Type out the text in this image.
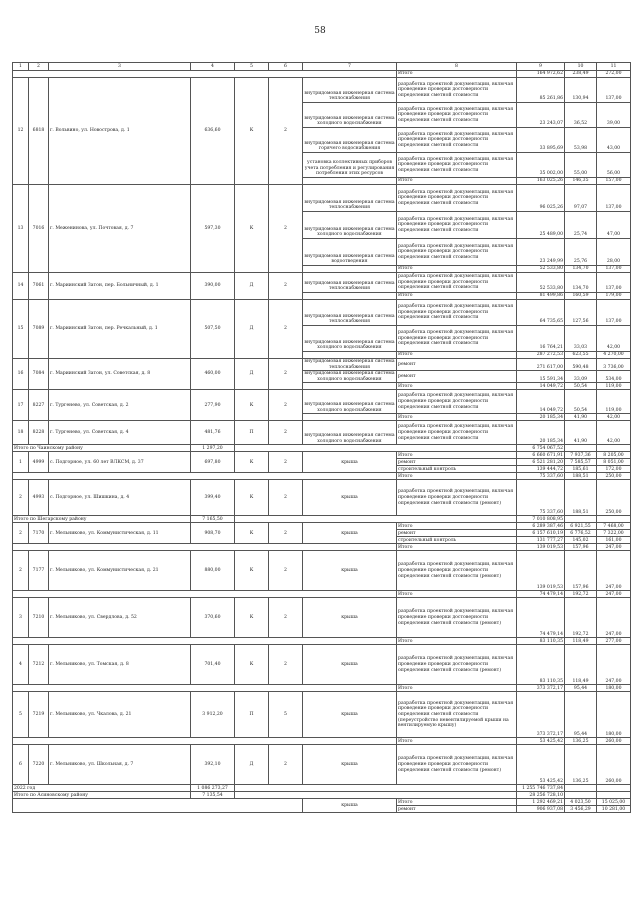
58
1	2	3	4	5	6	7	8	9	10	11
							Итого	164 972,62	238,49	272,00
12	6818	г. Вольвино, ул. Новострова, д. 1	636,60	К	2	внутридомовая инженерная система теплоснабжения	разработка проектной документации, включая проведение проверки достоверности определения сметной стоимости	85 261,86	130,94	137,00
						внутридомовая инженерная система холодного водоснабжения	разработка проектной документации, включая проведение проверки достоверности определения сметной стоимости	23 243,07	36,52	39,00
						внутридомовая инженерная система горячего водоснабжения	разработка проектной документации, включая проведение проверки достоверности определения сметной стоимости	33 895,69	53,98	43,00
						установка коллективных приборов учета потребления и регулирования потребления этих ресурсов	разработка проектной документации, включая проведение проверки достоверности определения сметной стоимости	35 002,00	55,00	56,00
							Итого	163 025,26	146,35	157,00
13	7016	г. Меженинова, ул. Почтовая, д. 7	597,30	К	2	внутридомовая инженерная система теплоснабжения	разработка проектной документации, включая проведение проверки достоверности определения сметной стоимости	96 025,26	97,07	137,00
						внутридомовая инженерная система холодного водоснабжения	разработка проектной документации, включая проведение проверки достоверности определения сметной стоимости	25 489,00	25,74	47,00
						внутридомовая инженерная система водоотведения	разработка проектной документации, включая проведение проверки достоверности определения сметной стоимости	23 249,99	25,76	28,00
							Итого	52 533,80	134,70	137,00
14	7061	г. Мариинский Затон, пер. Больничный, д. 1	390,00	Д	2	внутридомовая инженерная система теплоснабжения	разработка проектной документации, включая проведение проверки достоверности определения сметной стоимости	52 533,80	134,70	137,00
							Итого	81 499,86	160,59	179,00
15	7089	г. Мариинский Затон, пер. Речкальный, д. 1	507,50	Д	2	внутридомовая инженерная система теплоснабжения	разработка проектной документации, включая проведение проверки достоверности определения сметной стоимости	64 735,65	127,56	137,00
						внутридомовая инженерная система холодного водоснабжения	разработка проектной документации, включая проведение проверки достоверности определения сметной стоимости	16 764,21	33,03	42,00
							Итого	287 272,53	623,55	4 270,00
16	7084	г. Мариинский Затон, ул. Советская, д. 8	460,00	Д	2	внутридомовая инженерная система теплоснабжения	ремонт	271 617,00	590,48	3 736,00
						внутридомовая инженерная система холодного водоснабжения	ремонт	15 591,34	33,09	534,00
							Итого	14 049,72	50,54	119,00
17	8227	г. Тургенево, ул. Советская, д. 2	277,90	К	2	внутридомовая инженерная система холодного водоснабжения	разработка проектной документации, включая проведение проверки достоверности определения сметной стоимости	14 049,72	50,54	119,00
							Итого	20 185,34	41,90	42,00
18	8228	г. Тургенево, ул. Советская, д. 4	481,76	П	2	внутридомовая инженерная система холодного водоснабжения	разработка проектной документации, включая проведение проверки достоверности определения сметной стоимости	20 185,34	41,90	42,00
Итого по Чаинскому району			1 297,20					6 754 067,52		
1	4999	с. Подгорное, ул. 60 лет ВЛКСМ, д. 37	697,80	К	2	крыша	Итого	6 660 671,91	7 937,36	8 205,00
							ремонт	6 521 281,20	7 585,57	8 051,00
							строительный контроль	139 444,72	185,61	172,00
							Итого	75 337,60	188,51	250,00
2	4993	с. Подгорное, ул. Шишкина, д. 4	399,40	К	2	крыша	разработка проектной документации, включая проведение проверки достоверности определения сметной стоимости (ремонт)	75 337,60	188,51	250,00
Итого по Шегарскому району			7 165,50					7 010 808,95		
2	7170	г. Мельниково, ул. Коммунистическая, д. 11	908,70	К	2	крыша	Итого	6 289 387,46	6 921,55	7 468,00
							ремонт	6 157 610,19	6 776,52	7 322,00
							строительный контроль	131 777,27	145,02	161,00
							Итого	139 019,53	157,96	247,00
2	7177	г. Мельниково, ул. Коммунистическая, д. 21	880,00	К	2	крыша	разработка проектной документации, включая проведение проверки достоверности определения сметной стоимости (ремонт)	139 019,53	157,96	247,00
							Итого	74 479,14	192,72	247,00
3	7210	г. Мельниково, ул. Свердлова, д. 52	370,60	К	2	крыша	разработка проектной документации, включая проведение проверки достоверности определения сметной стоимости (ремонт)	74 479,14	192,72	247,00
							Итого	83 110,35	118,49	277,00
4	7212	г. Мельниково, ул. Томская, д. 8	701,40	К	2	крыша	разработка проектной документации, включая проведение проверки достоверности определения сметной стоимости (ремонт)	83 110,35	118,49	247,00
							Итого	373 372,17	95,44	180,00
5	7219	г. Мельниково, ул. Чкалова, д. 21	3 912,20	П	5	крыша	разработка проектной документации, включая проведение проверки достоверности определения сметной стоимости (переустройство невентилируемой крыши на вентилируемую крышу)	373 372,17	95,44	180,00
							Итого	53 425,42	136,25	260,00
6	7220	г. Мельниково, ул. Школьная, д. 7	392,10	Д	2	крыша	разработка проектной документации, включая проведение проверки достоверности определения сметной стоимости (ремонт)	53 425,42	136,25	260,00
2022 год			1 086 273,27					1 255 746 737,84		
Итого по Асиновскому району			7 135,54					28 256 728,10		
						крыша	Итого	1 292 469,21	4 023,50	15 025,00
							ремонт	906 937,08	3 456,29	10 281,00
